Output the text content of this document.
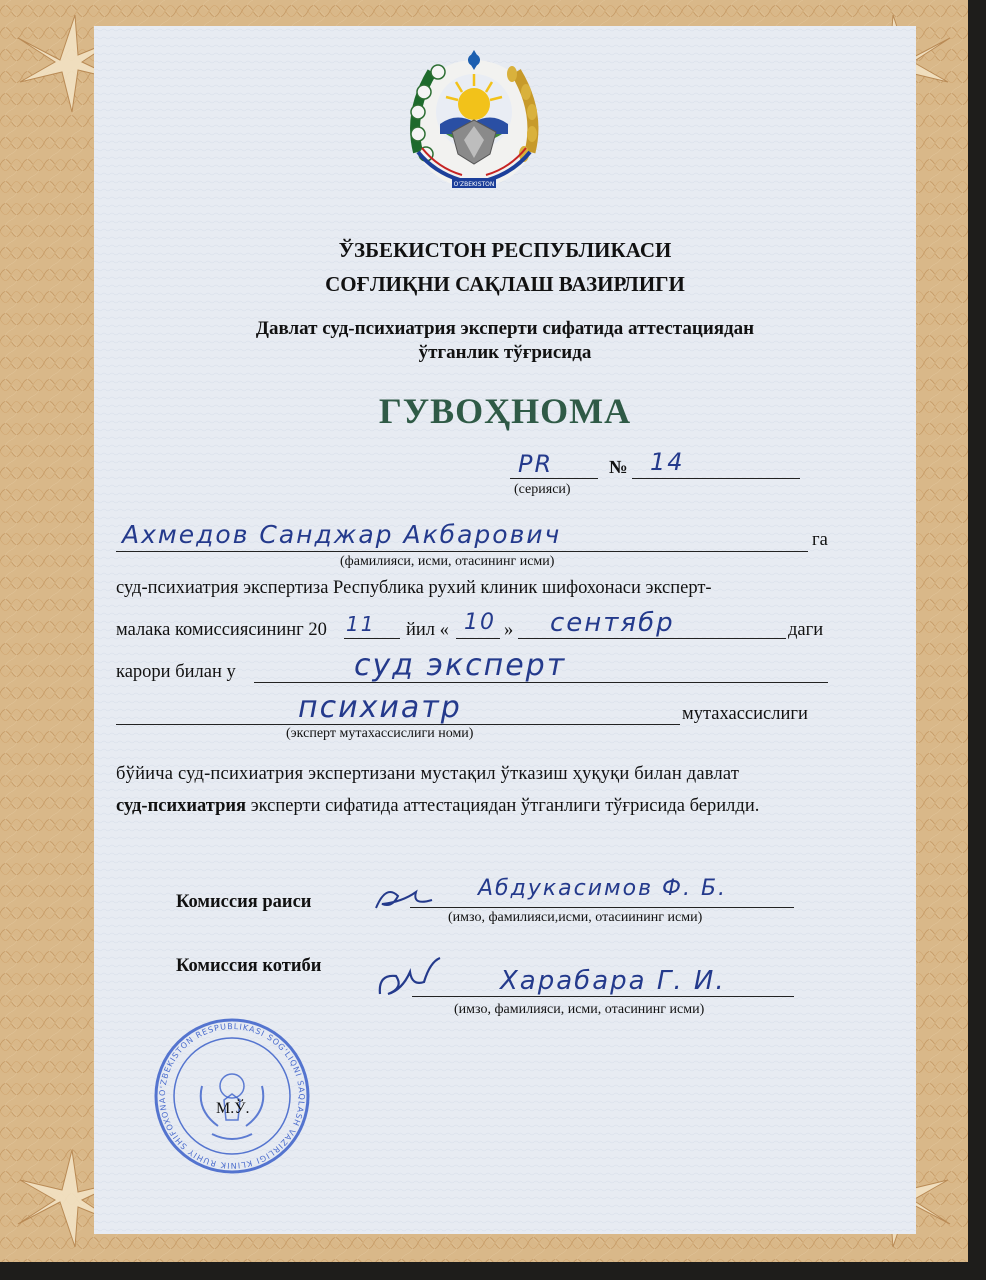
O'ZBEKISTON
ЎЗБЕКИСТОН РЕСПУБЛИКАСИ
СОҒЛИҚНИ САҚЛАШ ВАЗИРЛИГИ
Давлат суд-психиатрия эксперти сифатида аттестациядан
ўтганлик тўғрисида
ГУВОҲНОМА
PR	№ 14
(серияси)
Ахмедов Санджар Акбарович	га
(фамилияси, исми, отасининг исми)
суд-психиатрия экспертиза Республика рухий клиник шифохонаси эксперт-
малака комиссиясининг 20 11 йил « 10 » сентябр	даги
карори билан у	суд эксперт
психиатр	мутахассислиги
(эксперт мутахассислиги номи)
бўйича суд-психиатрия экспертизани мустақил ўтказиш ҳуқуқи билан давлат
суд-психиатрия эксперти сифатида аттестациядан ўтганлиги тўғрисида берилди.
Комиссия раиси
Абдукасимов Ф. Б.
(имзо, фамилияси,исми, отасиининг исми)
Комиссия котиби	Харабара Г. И.
(имзо, фамилияси, исми, отасининг исми)
O'ZBEKISTON RESPUBLIKASI SOG'LIQNI SAQLASH VAZIRLIGI KLINIK RUHIY SHIFOXONA	М.Ў.
